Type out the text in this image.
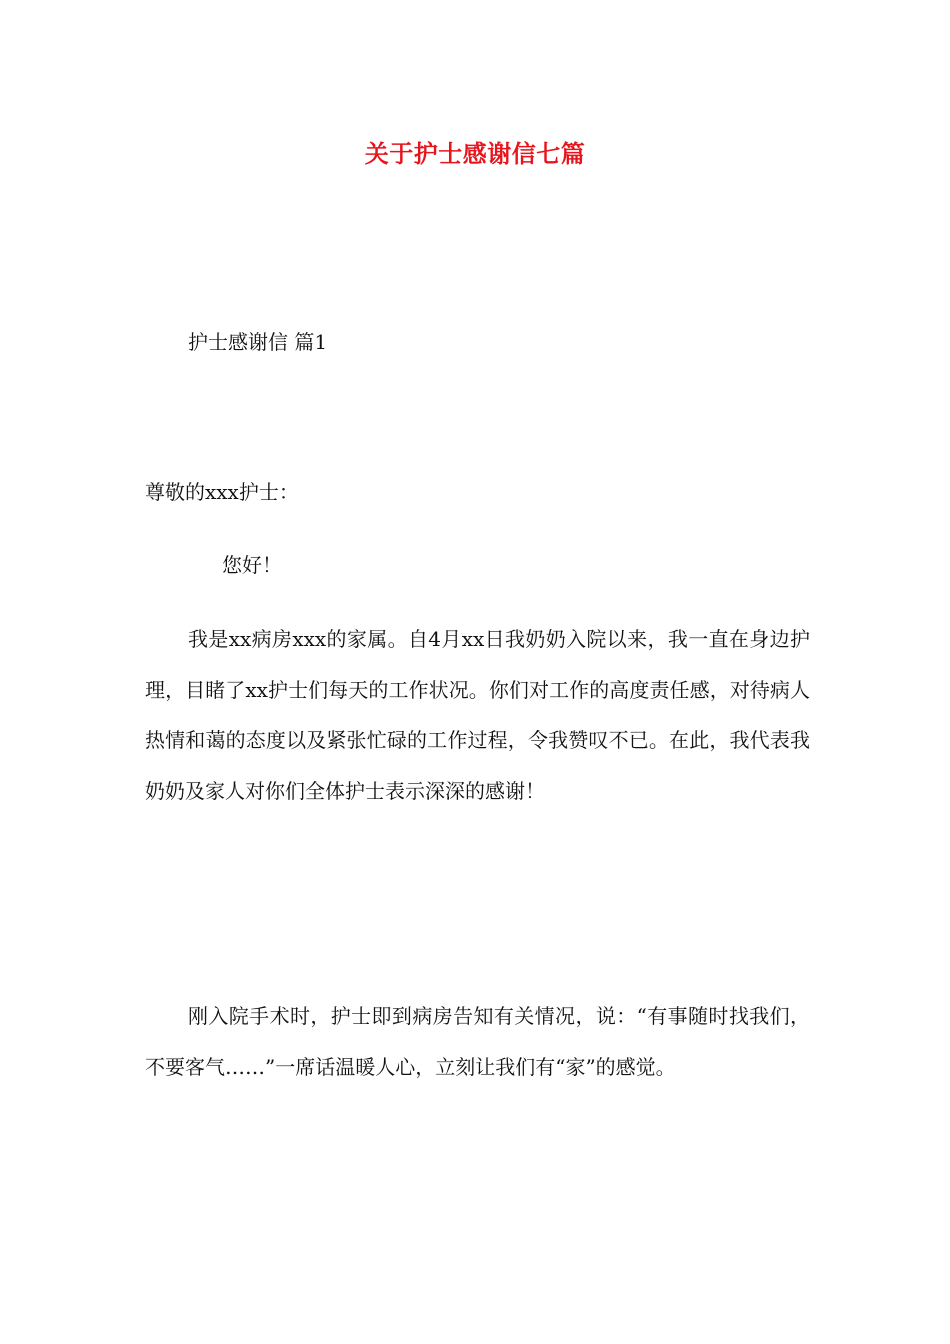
关于护士感谢信七篇
护士感谢信 篇1
尊敬的xxx护士：
您好！

我是xx病房xxx的家属。自4月xx日我奶奶入院以来，我一直在身边护理，目睹了xx护士们每天的工作状况。你们对工作的高度责任感，对待病人热情和蔼的态度以及紧张忙碌的工作过程，令我赞叹不已。在此，我代表我奶奶及家人对你们全体护士表示深深的感谢！

刚入院手术时，护士即到病房告知有关情况，说：“有事随时找我们，不要客气……”一席话温暖人心，立刻让我们有“家”的感觉。
